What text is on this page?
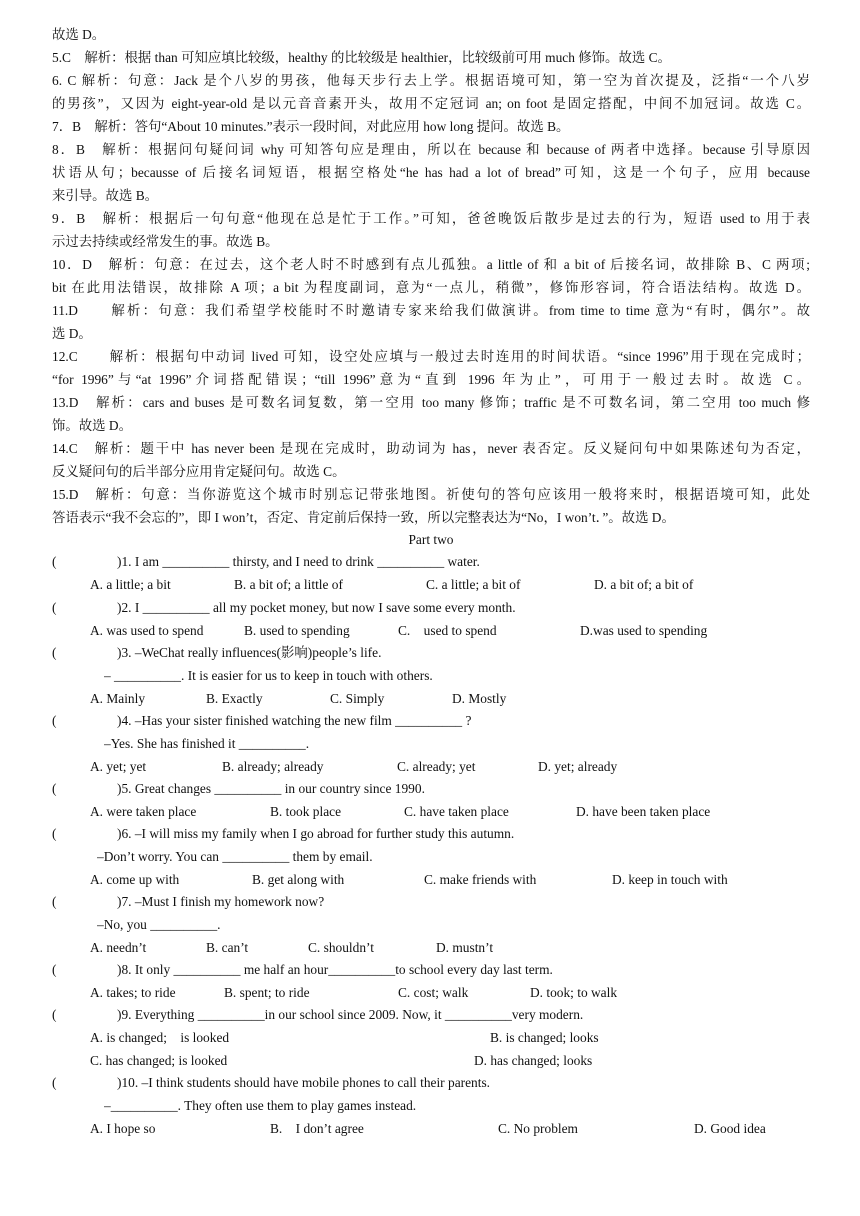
故选 D。
5.C　解析：根据 than 可知应填比较级，healthy 的比较级是 healthier，比较级前可用 much 修饰。故选 C。
6. C 解析：句意：Jack 是个八岁的男孩，他每天步行去上学。根据语境可知，第一空为首次提及，泛指“一个八岁
的男孩”，又因为 eight-year-old 是以元音音素开头，故用不定冠词 an; on foot 是固定搭配，中间不加冠词。故选 C。
7．B　解析：答句“About 10 minutes.”表示一段时间，对此应用 how long 提问。故选 B。
8．B　解析：根据问句疑问词 why 可知答句应是理由，所以在 because 和 because of 两者中选择。because 引导原因
状语从句；becausse of 后接名词短语，根据空格处“he has had a lot of bread”可知，这是一个句子，应用 because
来引导。故选 B。
9．B　解析：根据后一句句意“他现在总是忙于工作。”可知，爸爸晚饭后散步是过去的行为，短语 used to 用于表
示过去持续或经常发生的事。故选 B。
10．D　解析：句意：在过去，这个老人时不时感到有点儿孤独。a little of 和 a bit of 后接名词，故排除 B、C 两项;
bit 在此用法错误，故排除 A 项；a bit 为程度副词，意为“一点儿，稍微”，修饰形容词，符合语法结构。故选 D。
11.D　　解析：句意：我们希望学校能时不时邀请专家来给我们做演讲。from time to time 意为“有时，偶尔”。故
选 D。
12.C　　解析：根据句中动词 lived 可知，设空处应填与一般过去时连用的时间状语。“since 1996”用于现在完成时；
“for 1996”与“at 1996”介词搭配错误；“till 1996”意为“直到 1996 年为止”，可用于一般过去时。故选 C。
13.D　解析：cars and buses 是可数名词复数，第一空用 too many 修饰；traffic 是不可数名词，第二空用 too much 修
饰。故选 D。
14.C　解析：题干中 has never been 是现在完成时，助动词为 has，never 表否定。反义疑问句中如果陈述句为否定，
反义疑问句的后半部分应用肯定疑问句。故选 C。
15.D　解析：句意：当你游览这个城市时别忘记带张地图。祈使句的答句应该用一般将来时，根据语境可知，此处
答语表示“我不会忘的”，即 I won’t，否定、肯定前后保持一致，所以完整表达为“No，I won’t．”。故选 D。
Part two
(	)1. I am __________ thirsty, and I need to drink __________ water.
A. a little; a bit	B. a bit of; a little of	C. a little; a bit of	D. a bit of; a bit of
(	)2. I __________ all my pocket money, but now I save some every month.
A. was used to spend	B. used to spending	C.　used to spend	D.was used to spending
(	)3. –WeChat really influences(影响)people’s life.
– __________. It is easier for us to keep in touch with others.
A. Mainly	B. Exactly	C. Simply	D. Mostly
(	)4. –Has your sister finished watching the new film __________ ?
–Yes. She has finished it __________.
A. yet; yet	B. already; already	C. already; yet	D. yet; already
(	)5. Great changes __________ in our country since 1990.
A. were taken place	B. took place	C. have taken place	D. have been taken place
(	)6. –I will miss my family when I go abroad for further study this autumn.
–Don’t worry. You can __________ them by email.
A. come up with	B. get along with	C. make friends with	D. keep in touch with
(	)7. –Must I finish my homework now?
–No, you __________.
A. needn’t	B. can’t	C. shouldn’t	D. mustn’t
(	)8. It only __________ me half an hour__________to school every day last term.
A. takes; to ride	B. spent; to ride	C. cost; walk	D. took; to walk
(	)9. Everything __________in our school since 2009. Now, it __________very modern.
A. is changed;　is looked	B. is changed; looks
C. has changed; is looked	D. has changed; looks
(	)10. –I think students should have mobile phones to call their parents.
–__________. They often use them to play games instead.
A. I hope so	B.　I don’t agree	C. No problem	D. Good idea
